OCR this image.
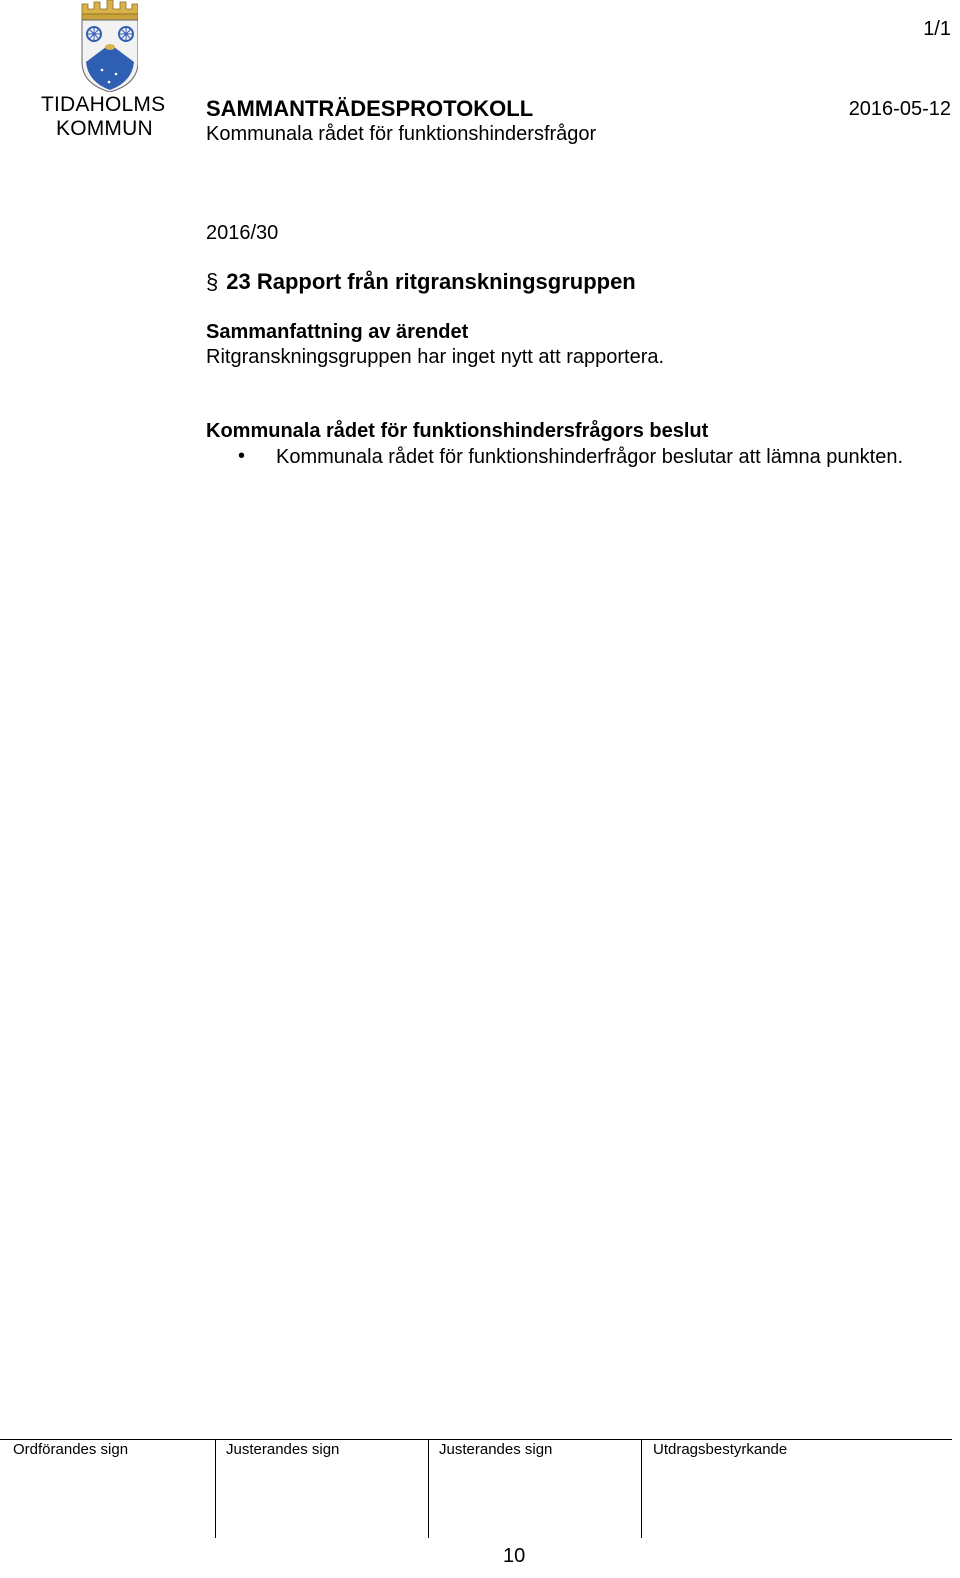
TIDAHOLMS
KOMMUN
1/1
SAMMANTRÄDESPROTOKOLL
Kommunala rådet för funktionshindersfrågor
2016-05-12
2016/30
§ 23 Rapport från ritgranskningsgruppen
Sammanfattning av ärendet
Ritgranskningsgruppen har inget nytt att rapportera.
Kommunala rådet för funktionshindersfrågors beslut
• Kommunala rådet för funktionshinderfrågor beslutar att lämna punkten.
Ordförandes sign	Justerandes sign	Justerandes sign	Utdragsbestyrkande
10
